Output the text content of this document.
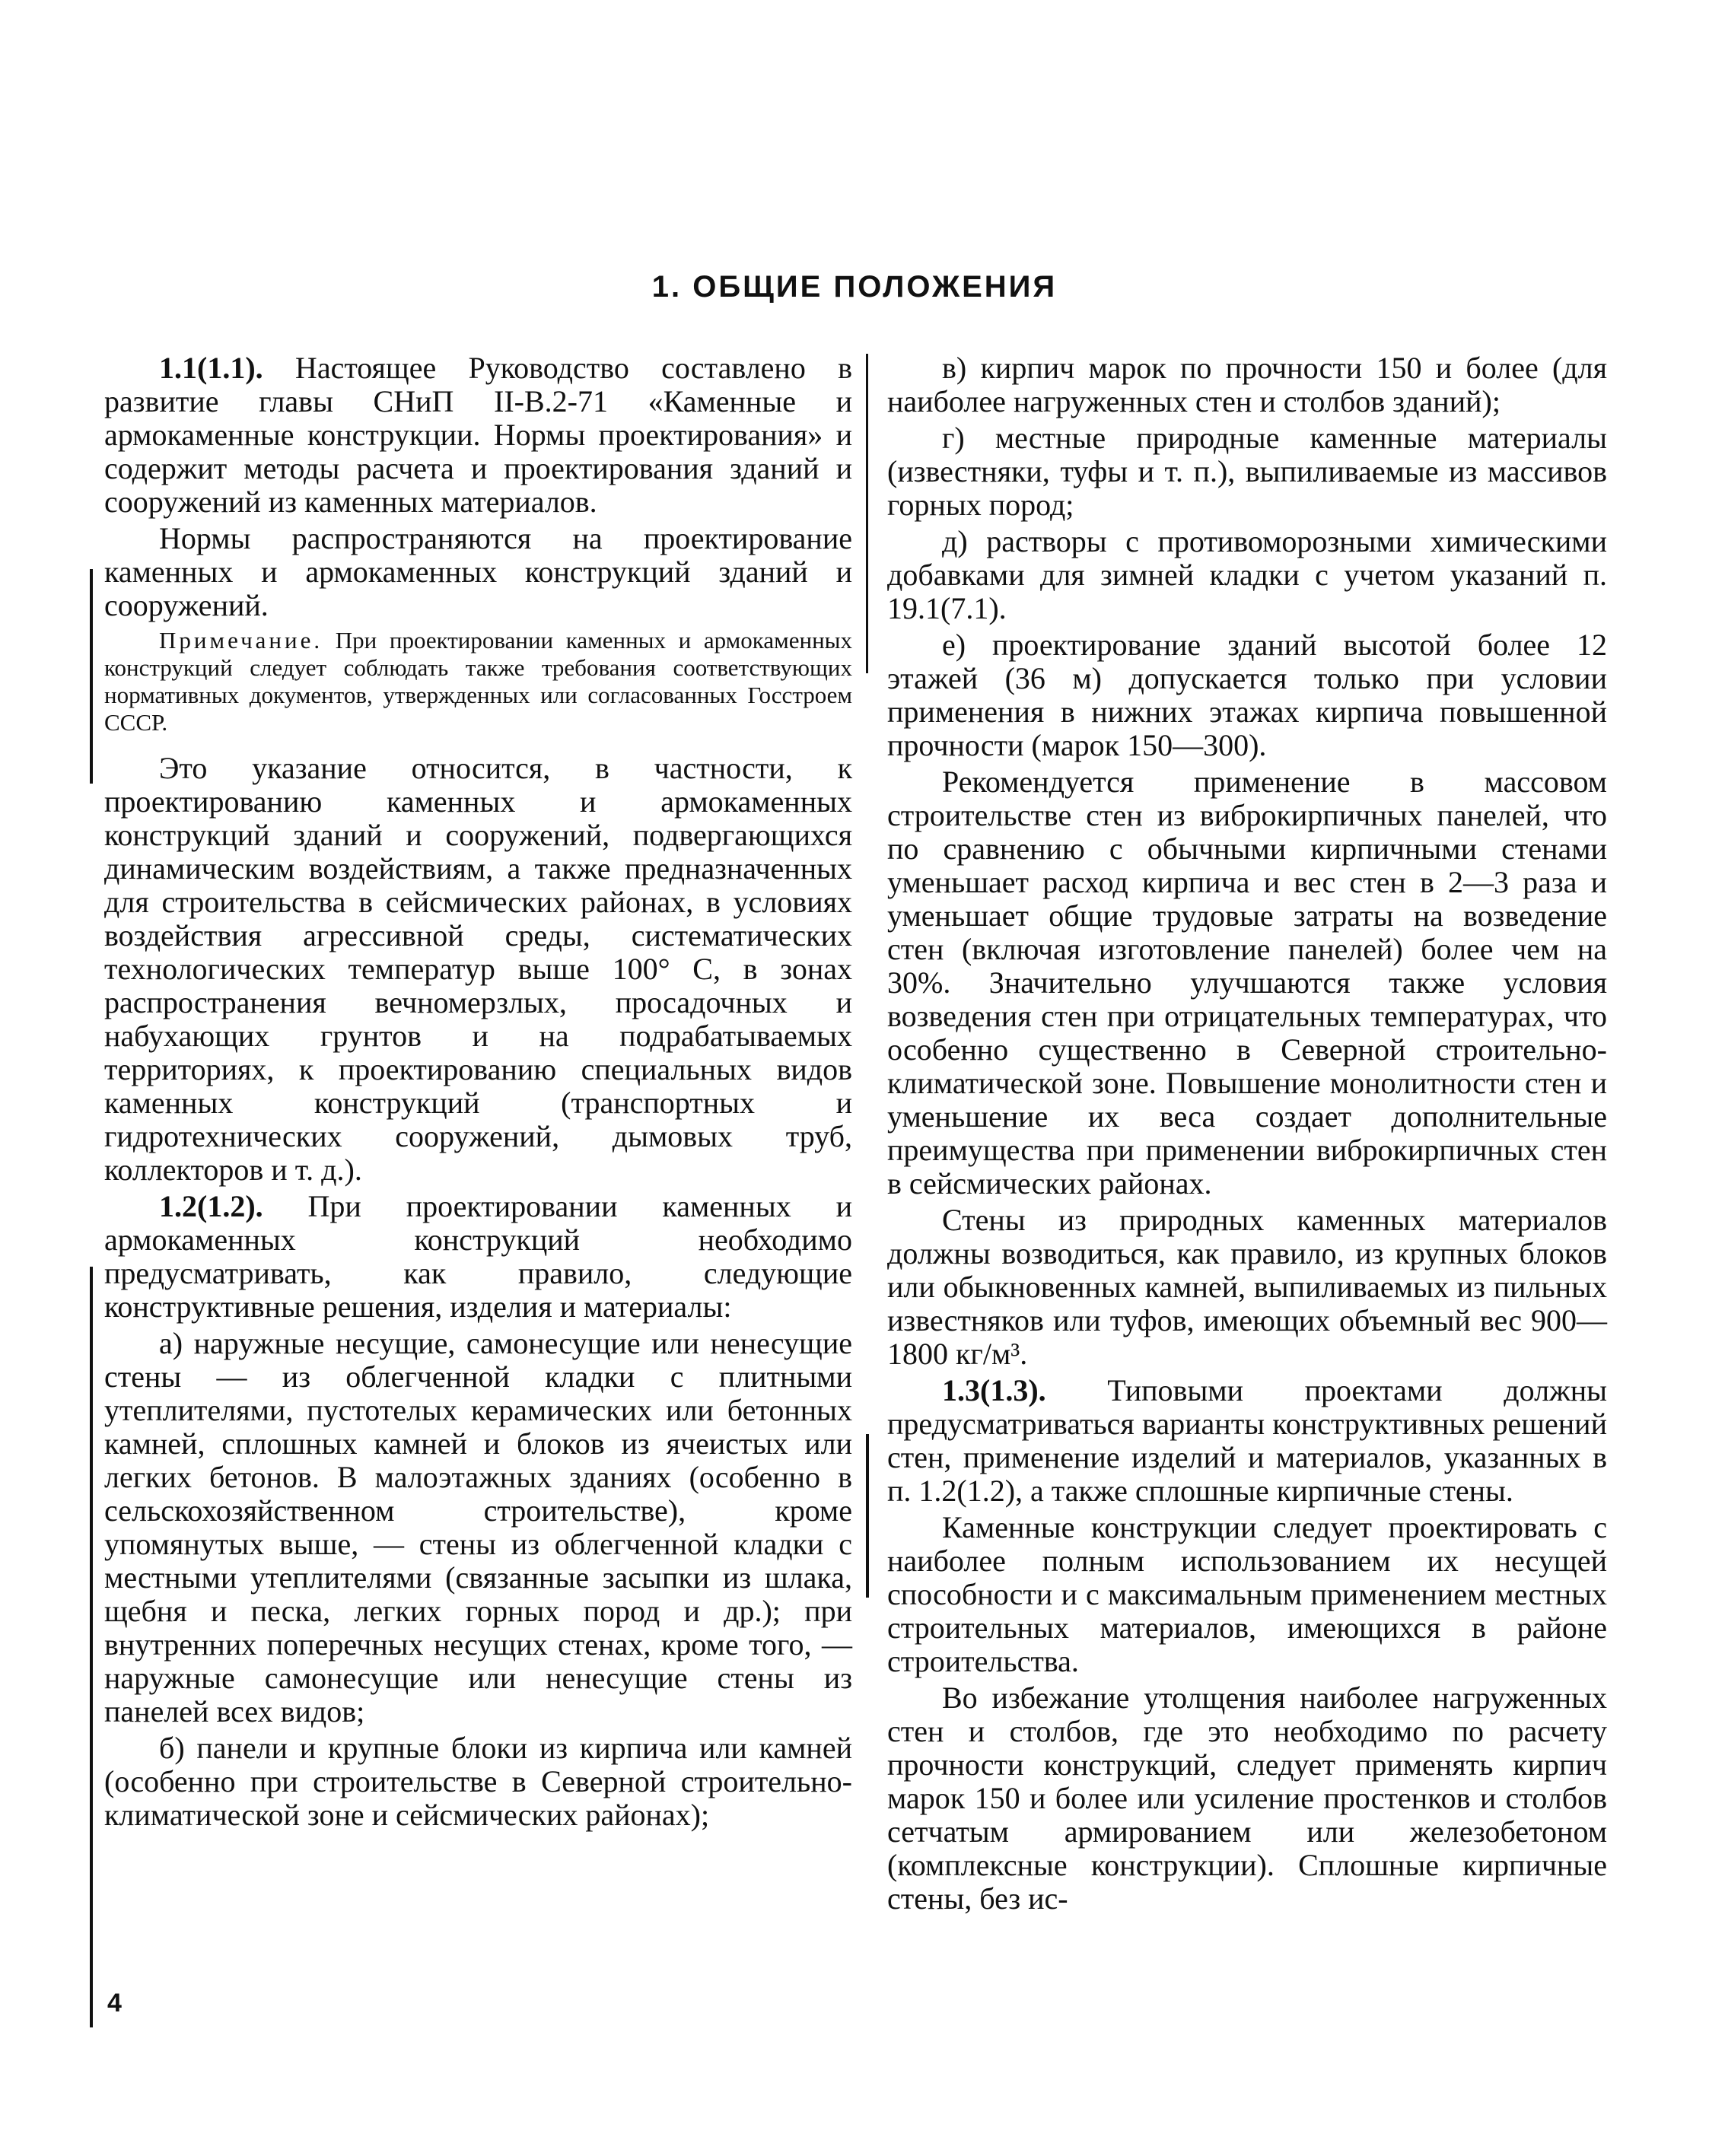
1. ОБЩИЕ ПОЛОЖЕНИЯ

1.1(1.1). Настоящее Руководство составлено в развитие главы СНиП II-В.2-71 «Каменные и армокаменные конструкции. Нормы проектирования» и содержит методы расчета и проектирования зданий и сооружений из каменных материалов.

Нормы распространяются на проектирование каменных и армокаменных конструкций зданий и сооружений.

Примечание. При проектировании каменных и армокаменных конструкций следует соблюдать также требования соответствующих нормативных документов, утвержденных или согласованных Госстроем СССР.

Это указание относится, в частности, к проектированию каменных и армокаменных конструкций зданий и сооружений, подвергающихся динамическим воздействиям, а также предназначенных для строительства в сейсмических районах, в условиях воздействия агрессивной среды, систематических технологических температур выше 100° С, в зонах распространения вечномерзлых, просадочных и набухающих грунтов и на подрабатываемых территориях, к проектированию специальных видов каменных конструкций (транспортных и гидротехнических сооружений, дымовых труб, коллекторов и т. д.).

1.2(1.2). При проектировании каменных и армокаменных конструкций необходимо предусматривать, как правило, следующие конструктивные решения, изделия и материалы:

а) наружные несущие, самонесущие или ненесущие стены — из облегченной кладки с плитными утеплителями, пустотелых керамических или бетонных камней, сплошных камней и блоков из ячеистых или легких бетонов. В малоэтажных зданиях (особенно в сельскохозяйственном строительстве), кроме упомянутых выше, — стены из облегченной кладки с местными утеплителями (связанные засыпки из шлака, щебня и песка, легких горных пород и др.); при внутренних поперечных несущих стенах, кроме того, — наружные самонесущие или ненесущие стены из панелей всех видов;

б) панели и крупные блоки из кирпича или камней (особенно при строительстве в Северной строительно-климатической зоне и сейсмических районах);

в) кирпич марок по прочности 150 и более (для наиболее нагруженных стен и столбов зданий);

г) местные природные каменные материалы (известняки, туфы и т. п.), выпиливаемые из массивов горных пород;

д) растворы с противоморозными химическими добавками для зимней кладки с учетом указаний п. 19.1(7.1).

е) проектирование зданий высотой более 12 этажей (36 м) допускается только при условии применения в нижних этажах кирпича повышенной прочности (марок 150—300).

Рекомендуется применение в массовом строительстве стен из виброкирпичных панелей, что по сравнению с обычными кирпичными стенами уменьшает расход кирпича и вес стен в 2—3 раза и уменьшает общие трудовые затраты на возведение стен (включая изготовление панелей) более чем на 30%. Значительно улучшаются также условия возведения стен при отрицательных температурах, что особенно существенно в Северной строительно-климатической зоне. Повышение монолитности стен и уменьшение их веса создает дополнительные преимущества при применении виброкирпичных стен в сейсмических районах.

Стены из природных каменных материалов должны возводиться, как правило, из крупных блоков или обыкновенных камней, выпиливаемых из пильных известняков или туфов, имеющих объемный вес 900—1800 кг/м³.

1.3(1.3). Типовыми проектами должны предусматриваться варианты конструктивных решений стен, применение изделий и материалов, указанных в п. 1.2(1.2), а также сплошные кирпичные стены.

Каменные конструкции следует проектировать с наиболее полным использованием их несущей способности и с максимальным применением местных строительных материалов, имеющихся в районе строительства.

Во избежание утолщения наиболее нагруженных стен и столбов, где это необходимо по расчету прочности конструкций, следует применять кирпич марок 150 и более или усиление простенков и столбов сетчатым армированием или железобетоном (комплексные конструкции). Сплошные кирпичные стены, без ис-

4
